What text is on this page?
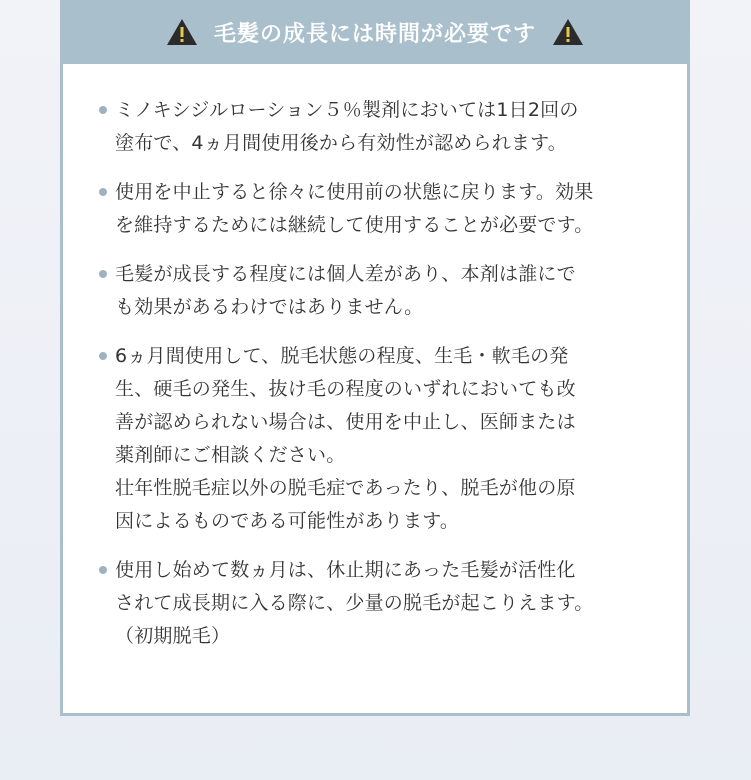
毛髪の成長には時間が必要です
ミノキシジルローション５％製剤においては1日2回の
塗布で、4ヵ月間使用後から有効性が認められます。
使用を中止すると徐々に使用前の状態に戻ります。効果
を維持するためには継続して使用することが必要です。
毛髪が成長する程度には個人差があり、本剤は誰にで
も効果があるわけではありません。
6ヵ月間使用して、脱毛状態の程度、生毛・軟毛の発
生、硬毛の発生、抜け毛の程度のいずれにおいても改
善が認められない場合は、使用を中止し、医師または
薬剤師にご相談ください。
壮年性脱毛症以外の脱毛症であったり、脱毛が他の原
因によるものである可能性があります。
使用し始めて数ヵ月は、休止期にあった毛髪が活性化
されて成長期に入る際に、少量の脱毛が起こりえます。
（初期脱毛）
